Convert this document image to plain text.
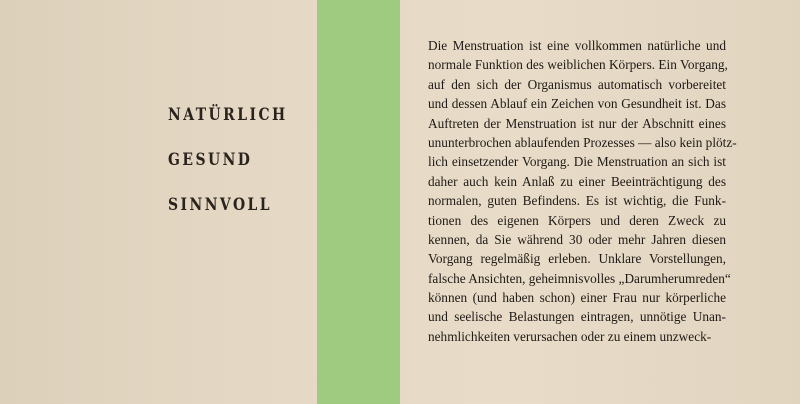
NATÜRLICH
GESUND
SINNVOLL
Die Menstruation ist eine vollkommen natürliche und
normale Funktion des weiblichen Körpers. Ein Vorgang,
auf den sich der Organismus automatisch vorbereitet
und dessen Ablauf ein Zeichen von Gesundheit ist. Das
Auftreten der Menstruation ist nur der Abschnitt eines
ununterbrochen ablaufenden Prozesses — also kein plötz-
lich einsetzender Vorgang. Die Menstruation an sich ist
daher auch kein Anlaß zu einer Beeinträchtigung des
normalen, guten Befindens. Es ist wichtig, die Funk-
tionen des eigenen Körpers und deren Zweck zu
kennen, da Sie während 30 oder mehr Jahren diesen
Vorgang regelmäßig erleben. Unklare Vorstellungen,
falsche Ansichten, geheimnisvolles „Darumherumreden“
können (und haben schon) einer Frau nur körperliche
und seelische Belastungen eintragen, unnötige Unan-
nehmlichkeiten verursachen oder zu einem unzweck-
